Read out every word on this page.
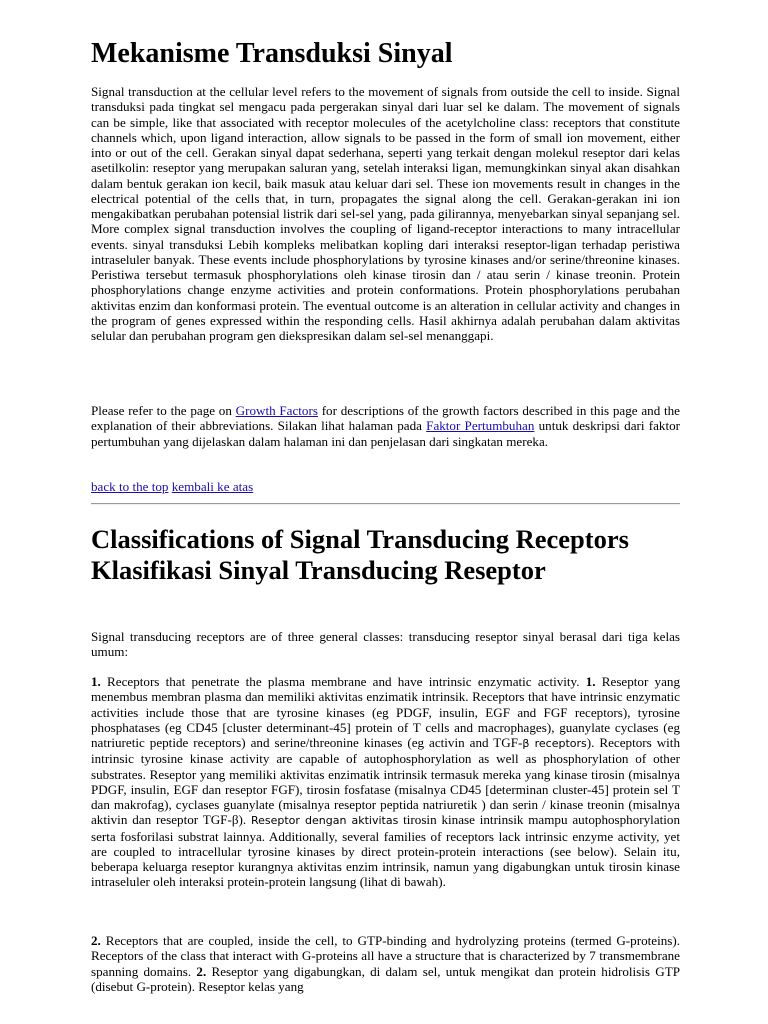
Mekanisme Transduksi Sinyal

Signal transduction at the cellular level refers to the movement of signals from outside the cell to inside. Signal transduksi pada tingkat sel mengacu pada pergerakan sinyal dari luar sel ke dalam. The movement of signals can be simple, like that associated with receptor molecules of the acetylcholine class: receptors that constitute channels which, upon ligand interaction, allow signals to be passed in the form of small ion movement, either into or out of the cell. Gerakan sinyal dapat sederhana, seperti yang terkait dengan molekul reseptor dari kelas asetilkolin: reseptor yang merupakan saluran yang, setelah interaksi ligan, memungkinkan sinyal akan disahkan dalam bentuk gerakan ion kecil, baik masuk atau keluar dari sel. These ion movements result in changes in the electrical potential of the cells that, in turn, propagates the signal along the cell. Gerakan-gerakan ini ion mengakibatkan perubahan potensial listrik dari sel-sel yang, pada gilirannya, menyebarkan sinyal sepanjang sel. More complex signal transduction involves the coupling of ligand-receptor interactions to many intracellular events. sinyal transduksi Lebih kompleks melibatkan kopling dari interaksi reseptor-ligan terhadap peristiwa intraseluler banyak. These events include phosphorylations by tyrosine kinases and/or serine/threonine kinases. Peristiwa tersebut termasuk phosphorylations oleh kinase tirosin dan / atau serin / kinase treonin. Protein phosphorylations change enzyme activities and protein conformations. Protein phosphorylations perubahan aktivitas enzim dan konformasi protein. The eventual outcome is an alteration in cellular activity and changes in the program of genes expressed within the responding cells. Hasil akhirnya adalah perubahan dalam aktivitas selular dan perubahan program gen diekspresikan dalam sel-sel menanggapi.

Please refer to the page on Growth Factors for descriptions of the growth factors described in this page and the explanation of their abbreviations. Silakan lihat halaman pada Faktor Pertumbuhan untuk deskripsi dari faktor pertumbuhan yang dijelaskan dalam halaman ini dan penjelasan dari singkatan mereka.

back to the top kembali ke atas

Classifications of Signal Transducing Receptors Klasifikasi Sinyal Transducing Reseptor

Signal transducing receptors are of three general classes: transducing reseptor sinyal berasal dari tiga kelas umum:

1. Receptors that penetrate the plasma membrane and have intrinsic enzymatic activity. 1. Reseptor yang menembus membran plasma dan memiliki aktivitas enzimatik intrinsik. Receptors that have intrinsic enzymatic activities include those that are tyrosine kinases (eg PDGF, insulin, EGF and FGF receptors), tyrosine phosphatases (eg CD45 [cluster determinant-45] protein of T cells and macrophages), guanylate cyclases (eg natriuretic peptide receptors) and serine/threonine kinases (eg activin and TGF-β receptors). Receptors with intrinsic tyrosine kinase activity are capable of autophosphorylation as well as phosphorylation of other substrates. Reseptor yang memiliki aktivitas enzimatik intrinsik termasuk mereka yang kinase tirosin (misalnya PDGF, insulin, EGF dan reseptor FGF), tirosin fosfatase (misalnya CD45 [determinan cluster-45] protein sel T dan makrofag), cyclases guanylate (misalnya reseptor peptida natriuretik ) dan serin / kinase treonin (misalnya aktivin dan reseptor TGF-β). Reseptor dengan aktivitas tirosin kinase intrinsik mampu autophosphorylation serta fosforilasi substrat lainnya. Additionally, several families of receptors lack intrinsic enzyme activity, yet are coupled to intracellular tyrosine kinases by direct protein-protein interactions (see below). Selain itu, beberapa keluarga reseptor kurangnya aktivitas enzim intrinsik, namun yang digabungkan untuk tirosin kinase intraseluler oleh interaksi protein-protein langsung (lihat di bawah).

2. Receptors that are coupled, inside the cell, to GTP-binding and hydrolyzing proteins (termed G-proteins). Receptors of the class that interact with G-proteins all have a structure that is characterized by 7 transmembrane spanning domains. 2. Reseptor yang digabungkan, di dalam sel, untuk mengikat dan protein hidrolisis GTP (disebut G-protein). Reseptor kelas yang
